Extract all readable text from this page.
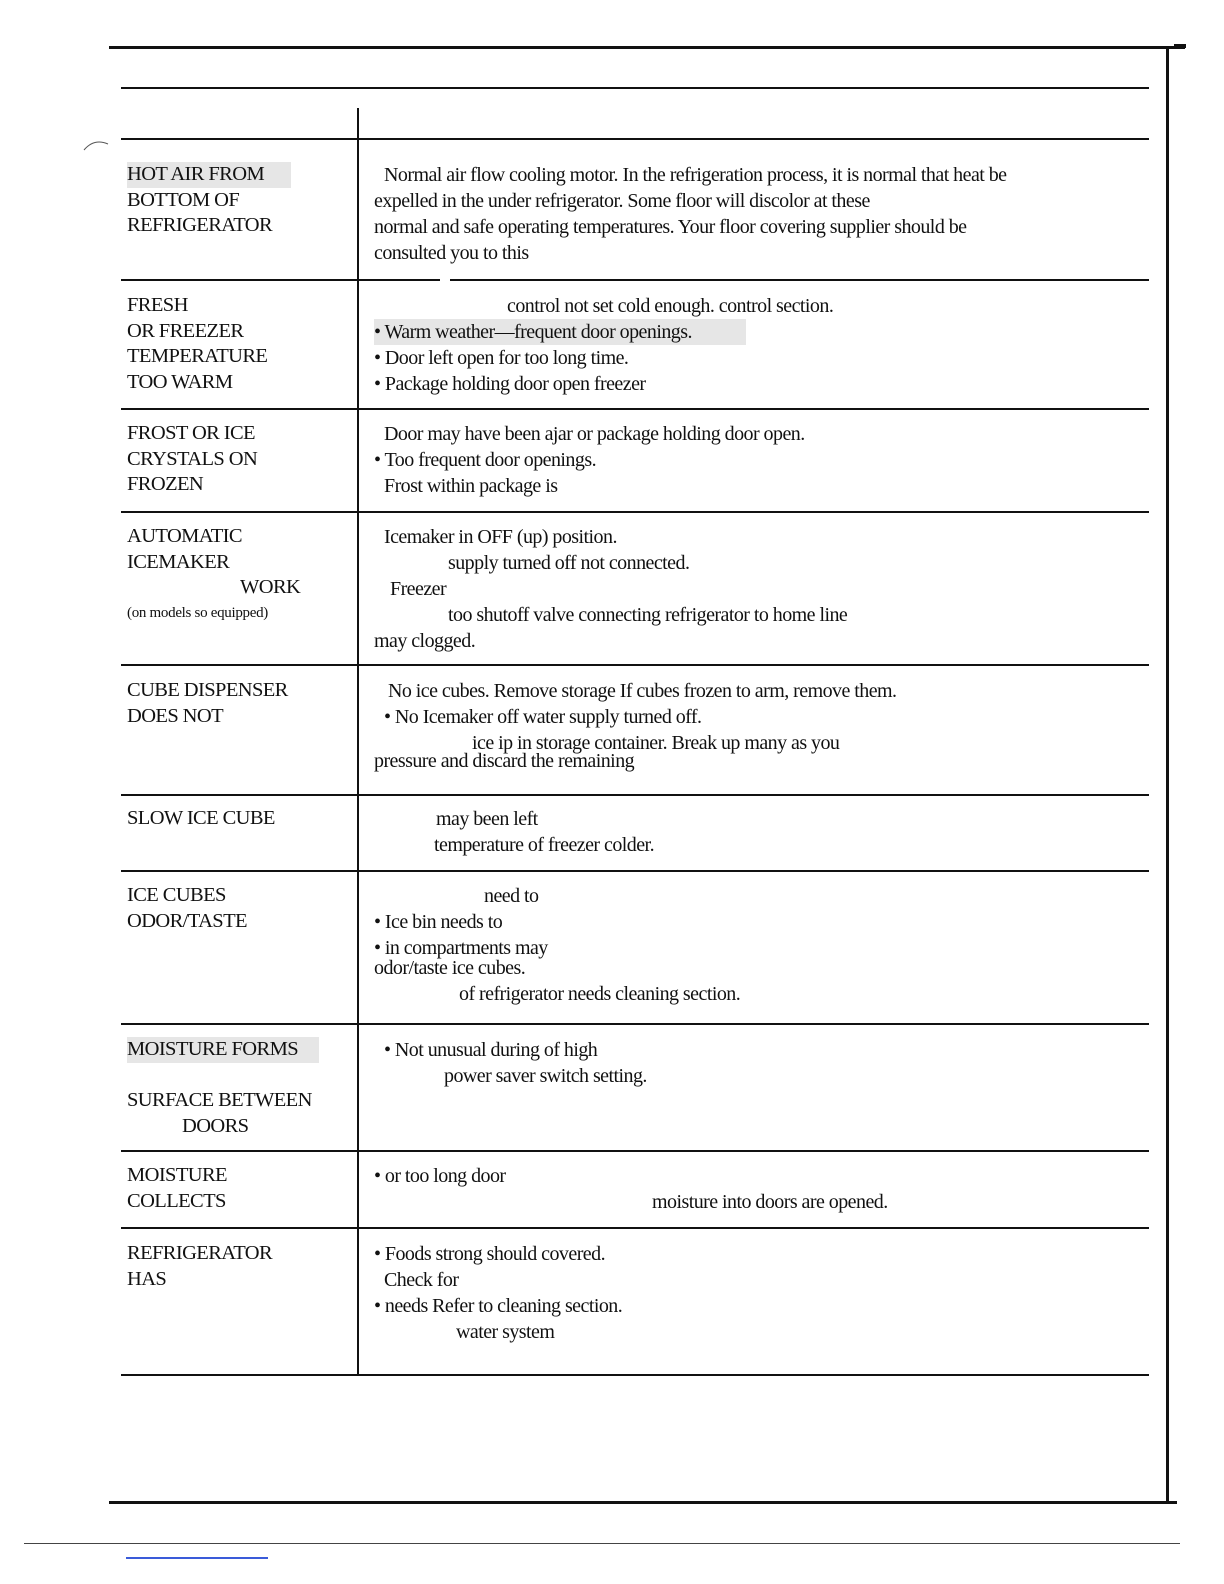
HOT AIR FROM
BOTTOM OF
REFRIGERATOR
Normal air flow cooling motor. In the refrigeration process, it is normal that heat be
expelled in the under refrigerator. Some floor will discolor at these
normal and safe operating temperatures. Your floor covering supplier should be
consulted you to this
FRESH
OR FREEZER
TEMPERATURE
TOO WARM
control not set cold enough. control section.
• Warm weather—frequent door openings.
• Door left open for too long time.
• Package holding door open freezer
FROST OR ICE
CRYSTALS ON
FROZEN
Door may have been ajar or package holding door open.
• Too frequent door openings.
Frost within package is
AUTOMATIC
ICEMAKER
WORK
(on models so equipped)
Icemaker in OFF (up) position.
supply turned off not connected.
Freezer
too shutoff valve connecting refrigerator to home line
may clogged.
CUBE DISPENSER
DOES NOT
No ice cubes. Remove storage If cubes frozen to arm, remove them.
• No Icemaker off water supply turned off.
ice ip in storage container. Break up many as you
pressure and discard the remaining
SLOW ICE CUBE	may been left
temperature of freezer colder.
ICE CUBES
ODOR/TASTE
need to
• Ice bin needs to
• in compartments may
odor/taste ice cubes.
of refrigerator needs cleaning section.
MOISTURE FORMS

SURFACE BETWEEN
DOORS
• Not unusual during of high
power saver switch setting.
MOISTURE
COLLECTS
• or too long door
moisture into doors are opened.
REFRIGERATOR
HAS
• Foods strong should covered.
Check for
• needs Refer to cleaning section.
water system
